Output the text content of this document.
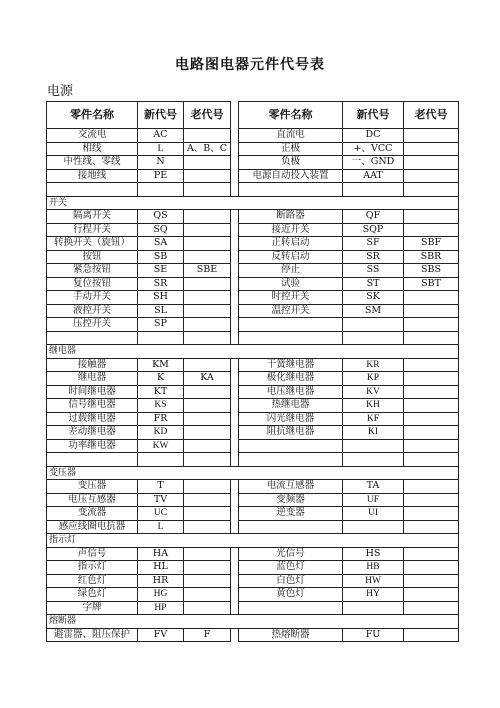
电路图电器元件代号表
电源
零件名称	新代号	老代号		零件名称	新代号	老代号
交流电	AC			直流电	DC	
相线	L	A、B、C		正极	+、VCC	
中性线、零线	N			负极	一、GND	
接地线	PE			电源自动投入装置	AAT	

开关						
隔离开关	QS			断路器	QF	
行程开关	SQ			接近开关	SQP	
转换开关（旋钮）	SA			正转启动	SF	SBF
按钮	SB			反转启动	SR	SBR
紧急按钮	SE	SBE		停止	SS	SBS
复位按钮	SR			试验	ST	SBT
手动开关	SH			时控开关	SK	
液控开关	SL			温控开关	SM	
压控开关	SP					

继电器						
接触器	KM			干簧继电器	KR	
继电器	K	KA		极化继电器	KP	
时间继电器	KT			电压继电器	KV	
信号继电器	KS			热继电器	KH	
过载继电器	FR			闪光继电器	KF	
差动继电器	KD			阻抗继电器	KI	
功率继电器	KW					

变压器						
变压器	T			电流互感器	TA	
电压互感器	TV			变频器	UF	
变流器	UC			逆变器	UI	
感应线圈电抗器	L					
指示灯						
声信号	HA			光信号	HS	
指示灯	HL			蓝色灯	HB	
红色灯	HR			白色灯	HW	
绿色灯	HG			黄色灯	HY	
字牌	HP					
熔断器						
避雷器、阻压保护	FV	F		热熔断器	FU	
